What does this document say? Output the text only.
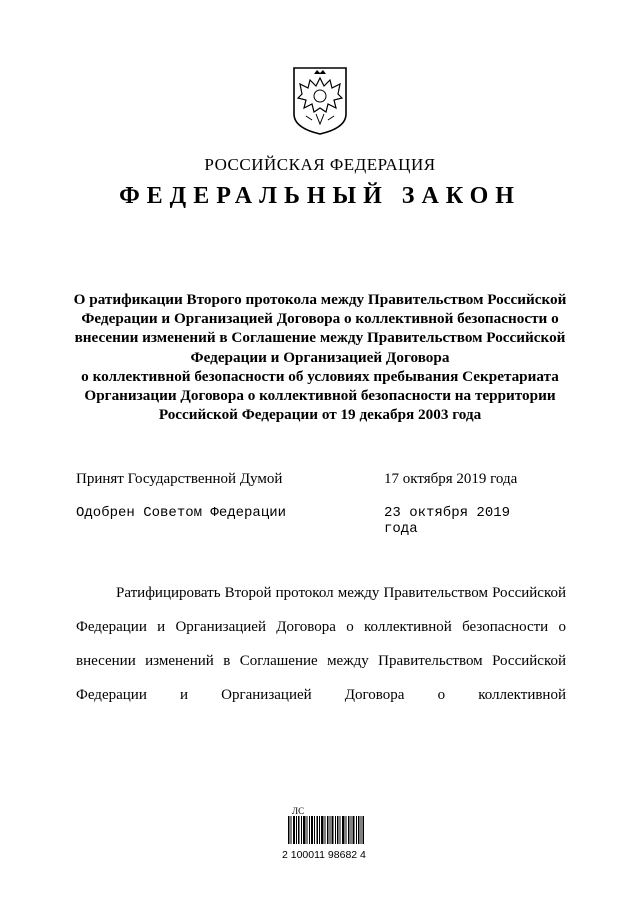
РОССИЙСКАЯ ФЕДЕРАЦИЯ
ФЕДЕРАЛЬНЫЙ ЗАКОН
О ратификации Второго протокола между Правительством Российской
Федерации и Организацией Договора о коллективной безопасности о
внесении изменений в Соглашение между Правительством Российской
Федерации и Организацией Договора
о коллективной безопасности об условиях пребывания Секретариата
Организации Договора о коллективной безопасности на территории
Российской Федерации от 19 декабря 2003 года
Принят Государственной Думой	17 октября 2019 года
Одобрен Советом Федерации	23 октября 2019 года

Ратифицировать Второй протокол между Правительством Российской Федерации и Организацией Договора о коллективной безопасности о внесении изменений в Соглашение между Правительством Российской Федерации и Организацией Договора о коллективной

ЛС
2 100011 98682 4
